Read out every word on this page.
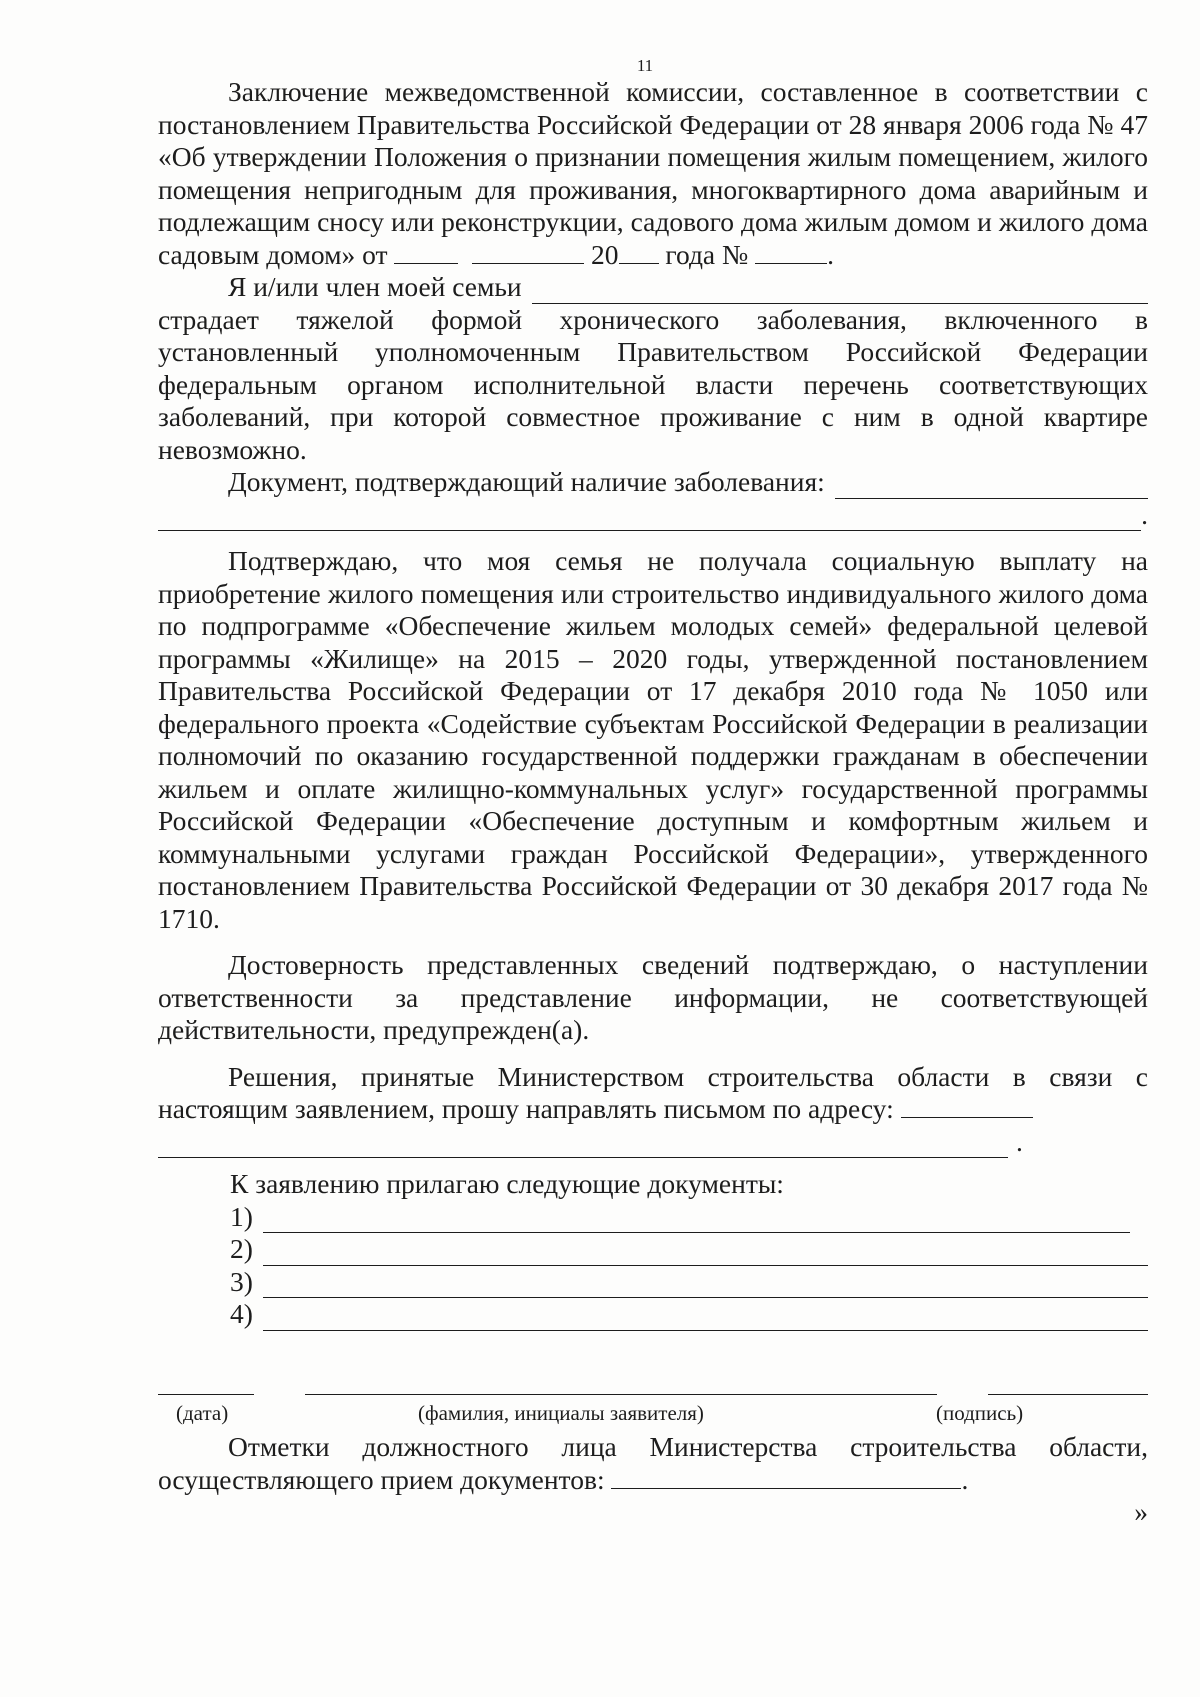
11

Заключение межведомственной комиссии, составленное в соответствии с постановлением Правительства Российской Федерации от 28 января 2006 года № 47 «Об утверждении Положения о признании помещения жилым помещением, жилого помещения непригодным для проживания, многоквартирного дома аварийным и подлежащим сносу или реконструкции, садового дома жилым домом и жилого дома садовым домом» от	20 года №	.

Я и/или член моей семьи

страдает тяжелой формой хронического заболевания, включенного в установленный уполномоченным Правительством Российской Федерации федеральным органом исполнительной власти перечень соответствующих заболеваний, при которой совместное проживание с ним в одной квартире невозможно.

Документ, подтверждающий наличие заболевания:
.

Подтверждаю, что моя семья не получала социальную выплату на приобретение жилого помещения или строительство индивидуального жилого дома по подпрограмме «Обеспечение жильем молодых семей» федеральной целевой программы «Жилище» на 2015 – 2020 годы, утвержденной постановлением Правительства Российской Федерации от 17 декабря 2010 года № 1050 или федерального проекта «Содействие субъектам Российской Федерации в реализации полномочий по оказанию государственной поддержки гражданам в обеспечении жильем и оплате жилищно-коммунальных услуг» государственной программы Российской Федерации «Обеспечение доступным и комфортным жильем и коммунальными услугами граждан Российской Федерации», утвержденного постановлением Правительства Российской Федерации от 30 декабря 2017 года № 1710.

Достоверность представленных сведений подтверждаю, о наступлении ответственности за представление информации, не соответствующей действительности, предупрежден(а).

Решения, принятые Министерством строительства области в связи с настоящим заявлением, прошу направлять письмом по адресу:

.
К заявлению прилагаю следующие документы:
1)
2)
3)
4)
(дата)	(фамилия, инициалы заявителя)	(подпись)

Отметки должностного лица Министерства строительства области, осуществляющего прием документов:	.

»
